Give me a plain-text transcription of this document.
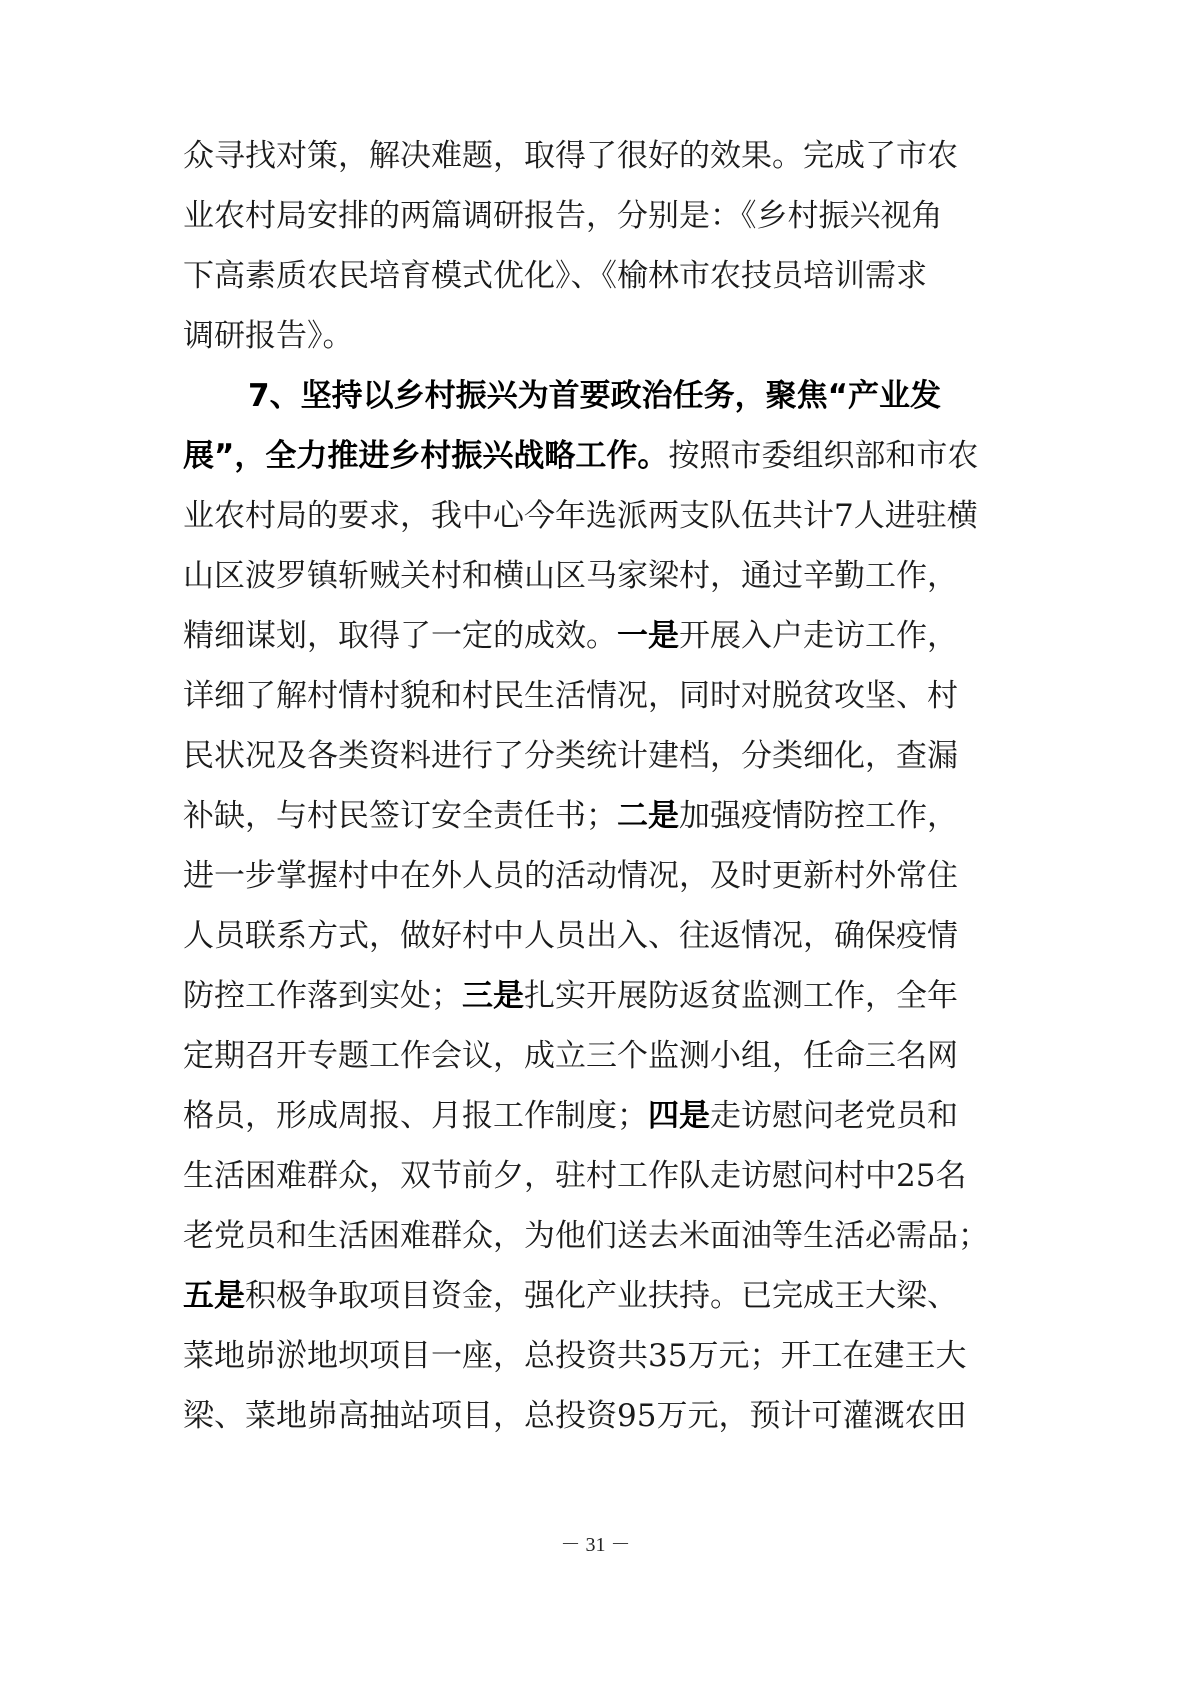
众寻找对策，解决难题，取得了很好的效果。完成了市农
业农村局安排的两篇调研报告，分别是：《乡村振兴视角
下高素质农民培育模式优化》、《榆林市农技员培训需求
调研报告》。
7、坚持以乡村振兴为首要政治任务，聚焦“产业发
展”，全力推进乡村振兴战略工作。按照市委组织部和市农
业农村局的要求，我中心今年选派两支队伍共计7人进驻横
山区波罗镇斩贼关村和横山区马家梁村，通过辛勤工作，
精细谋划，取得了一定的成效。一是开展入户走访工作，
详细了解村情村貌和村民生活情况，同时对脱贫攻坚、村
民状况及各类资料进行了分类统计建档，分类细化，查漏
补缺，与村民签订安全责任书；二是加强疫情防控工作，
进一步掌握村中在外人员的活动情况，及时更新村外常住
人员联系方式，做好村中人员出入、往返情况，确保疫情
防控工作落到实处；三是扎实开展防返贫监测工作，全年
定期召开专题工作会议，成立三个监测小组，任命三名网
格员，形成周报、月报工作制度；四是走访慰问老党员和
生活困难群众，双节前夕，驻村工作队走访慰问村中25名
老党员和生活困难群众，为他们送去米面油等生活必需品；
五是积极争取项目资金，强化产业扶持。已完成王大梁、
菜地峁淤地坝项目一座，总投资共35万元；开工在建王大
梁、菜地峁高抽站项目，总投资95万元，预计可灌溉农田
－ 31 －
